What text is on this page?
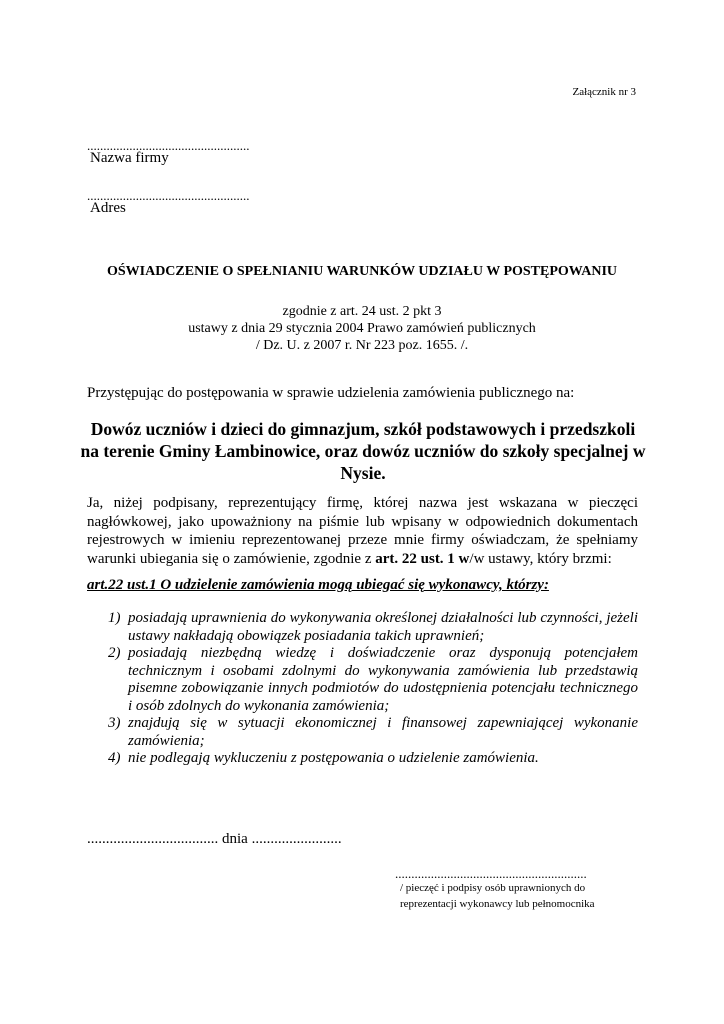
Załącznik nr 3
..................................................
Nazwa firmy
..................................................
Adres
OŚWIADCZENIE O SPEŁNIANIU WARUNKÓW UDZIAŁU W POSTĘPOWANIU
zgodnie z art. 24 ust. 2 pkt 3
ustawy z dnia 29 stycznia 2004 Prawo zamówień publicznych
/ Dz. U. z 2007 r. Nr 223 poz. 1655. /.
Przystępując do postępowania w sprawie udzielenia zamówienia publicznego na:
Dowóz uczniów i dzieci do gimnazjum, szkół podstawowych i przedszkoli na terenie Gminy Łambinowice, oraz dowóz uczniów do szkoły specjalnej w Nysie.
Ja, niżej podpisany, reprezentujący firmę, której nazwa jest wskazana w pieczęci nagłówkowej, jako upoważniony na piśmie lub wpisany w odpowiednich dokumentach rejestrowych w imieniu reprezentowanej przeze mnie firmy oświadczam, że spełniamy warunki ubiegania się o zamówienie, zgodnie z art. 22 ust. 1 w/w ustawy, który brzmi:
art.22 ust.1 O udzielenie zamówienia mogą ubiegać się wykonawcy, którzy:
1) posiadają uprawnienia do wykonywania określonej działalności lub czynności, jeżeli ustawy nakładają obowiązek posiadania takich uprawnień;
2) posiadają niezbędną wiedzę i doświadczenie oraz dysponują potencjałem technicznym i osobami zdolnymi do wykonywania zamówienia lub przedstawią pisemne zobowiązanie innych podmiotów do udostępnienia potencjału technicznego i osób zdolnych do wykonania zamówienia;
3) znajdują się w sytuacji ekonomicznej i finansowej zapewniającej wykonanie zamówienia;
4) nie podlegają wykluczeniu z postępowania o udzielenie zamówienia.
................................... dnia ........................
...........................................................
/ pieczęć i podpisy osób uprawnionych do
reprezentacji wykonawcy lub pełnomocnika
